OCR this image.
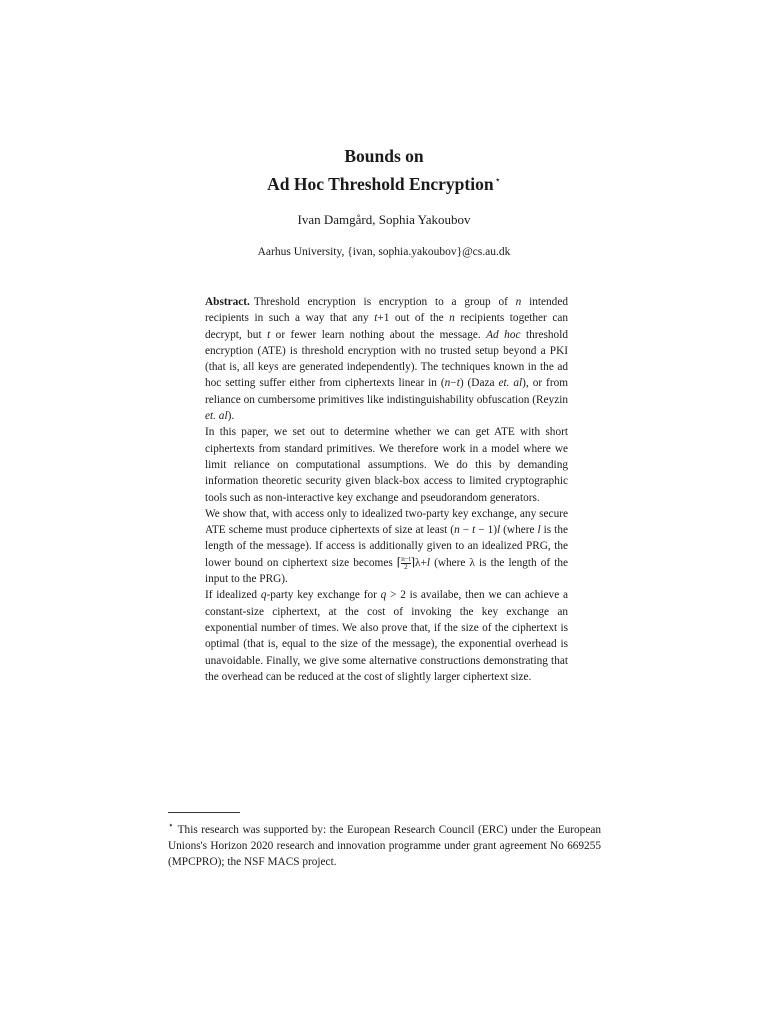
Bounds on
Ad Hoc Threshold Encryption⋆
Ivan Damgård, Sophia Yakoubov
Aarhus University, {ivan, sophia.yakoubov}@cs.au.dk

Abstract. Threshold encryption is encryption to a group of n intended recipients in such a way that any t+1 out of the n recipients together can decrypt, but t or fewer learn nothing about the message. Ad hoc threshold encryption (ATE) is threshold encryption with no trusted setup beyond a PKI (that is, all keys are generated independently). The techniques known in the ad hoc setting suffer either from ciphertexts linear in (n−t) (Daza et. al), or from reliance on cumbersome primitives like indistinguishability obfuscation (Reyzin et. al).

In this paper, we set out to determine whether we can get ATE with short ciphertexts from standard primitives. We therefore work in a model where we limit reliance on computational assumptions. We do this by demanding information theoretic security given black-box access to limited cryptographic tools such as non-interactive key exchange and pseudorandom generators.

We show that, with access only to idealized two-party key exchange, any secure ATE scheme must produce ciphertexts of size at least (n − t − 1)l (where l is the length of the message). If access is additionally given to an idealized PRG, the lower bound on ciphertext size becomes ⌈ $\frac{n-t}{2}$ ⌉λ+l (where λ is the length of the input to the PRG).

If idealized q-party key exchange for q > 2 is availabe, then we can achieve a constant-size ciphertext, at the cost of invoking the key exchange an exponential number of times. We also prove that, if the size of the ciphertext is optimal (that is, equal to the size of the message), the exponential overhead is unavoidable. Finally, we give some alternative constructions demonstrating that the overhead can be reduced at the cost of slightly larger ciphertext size.

⋆ This research was supported by: the European Research Council (ERC) under the European Unions's Horizon 2020 research and innovation programme under grant agreement No 669255 (MPCPRO); the NSF MACS project.
